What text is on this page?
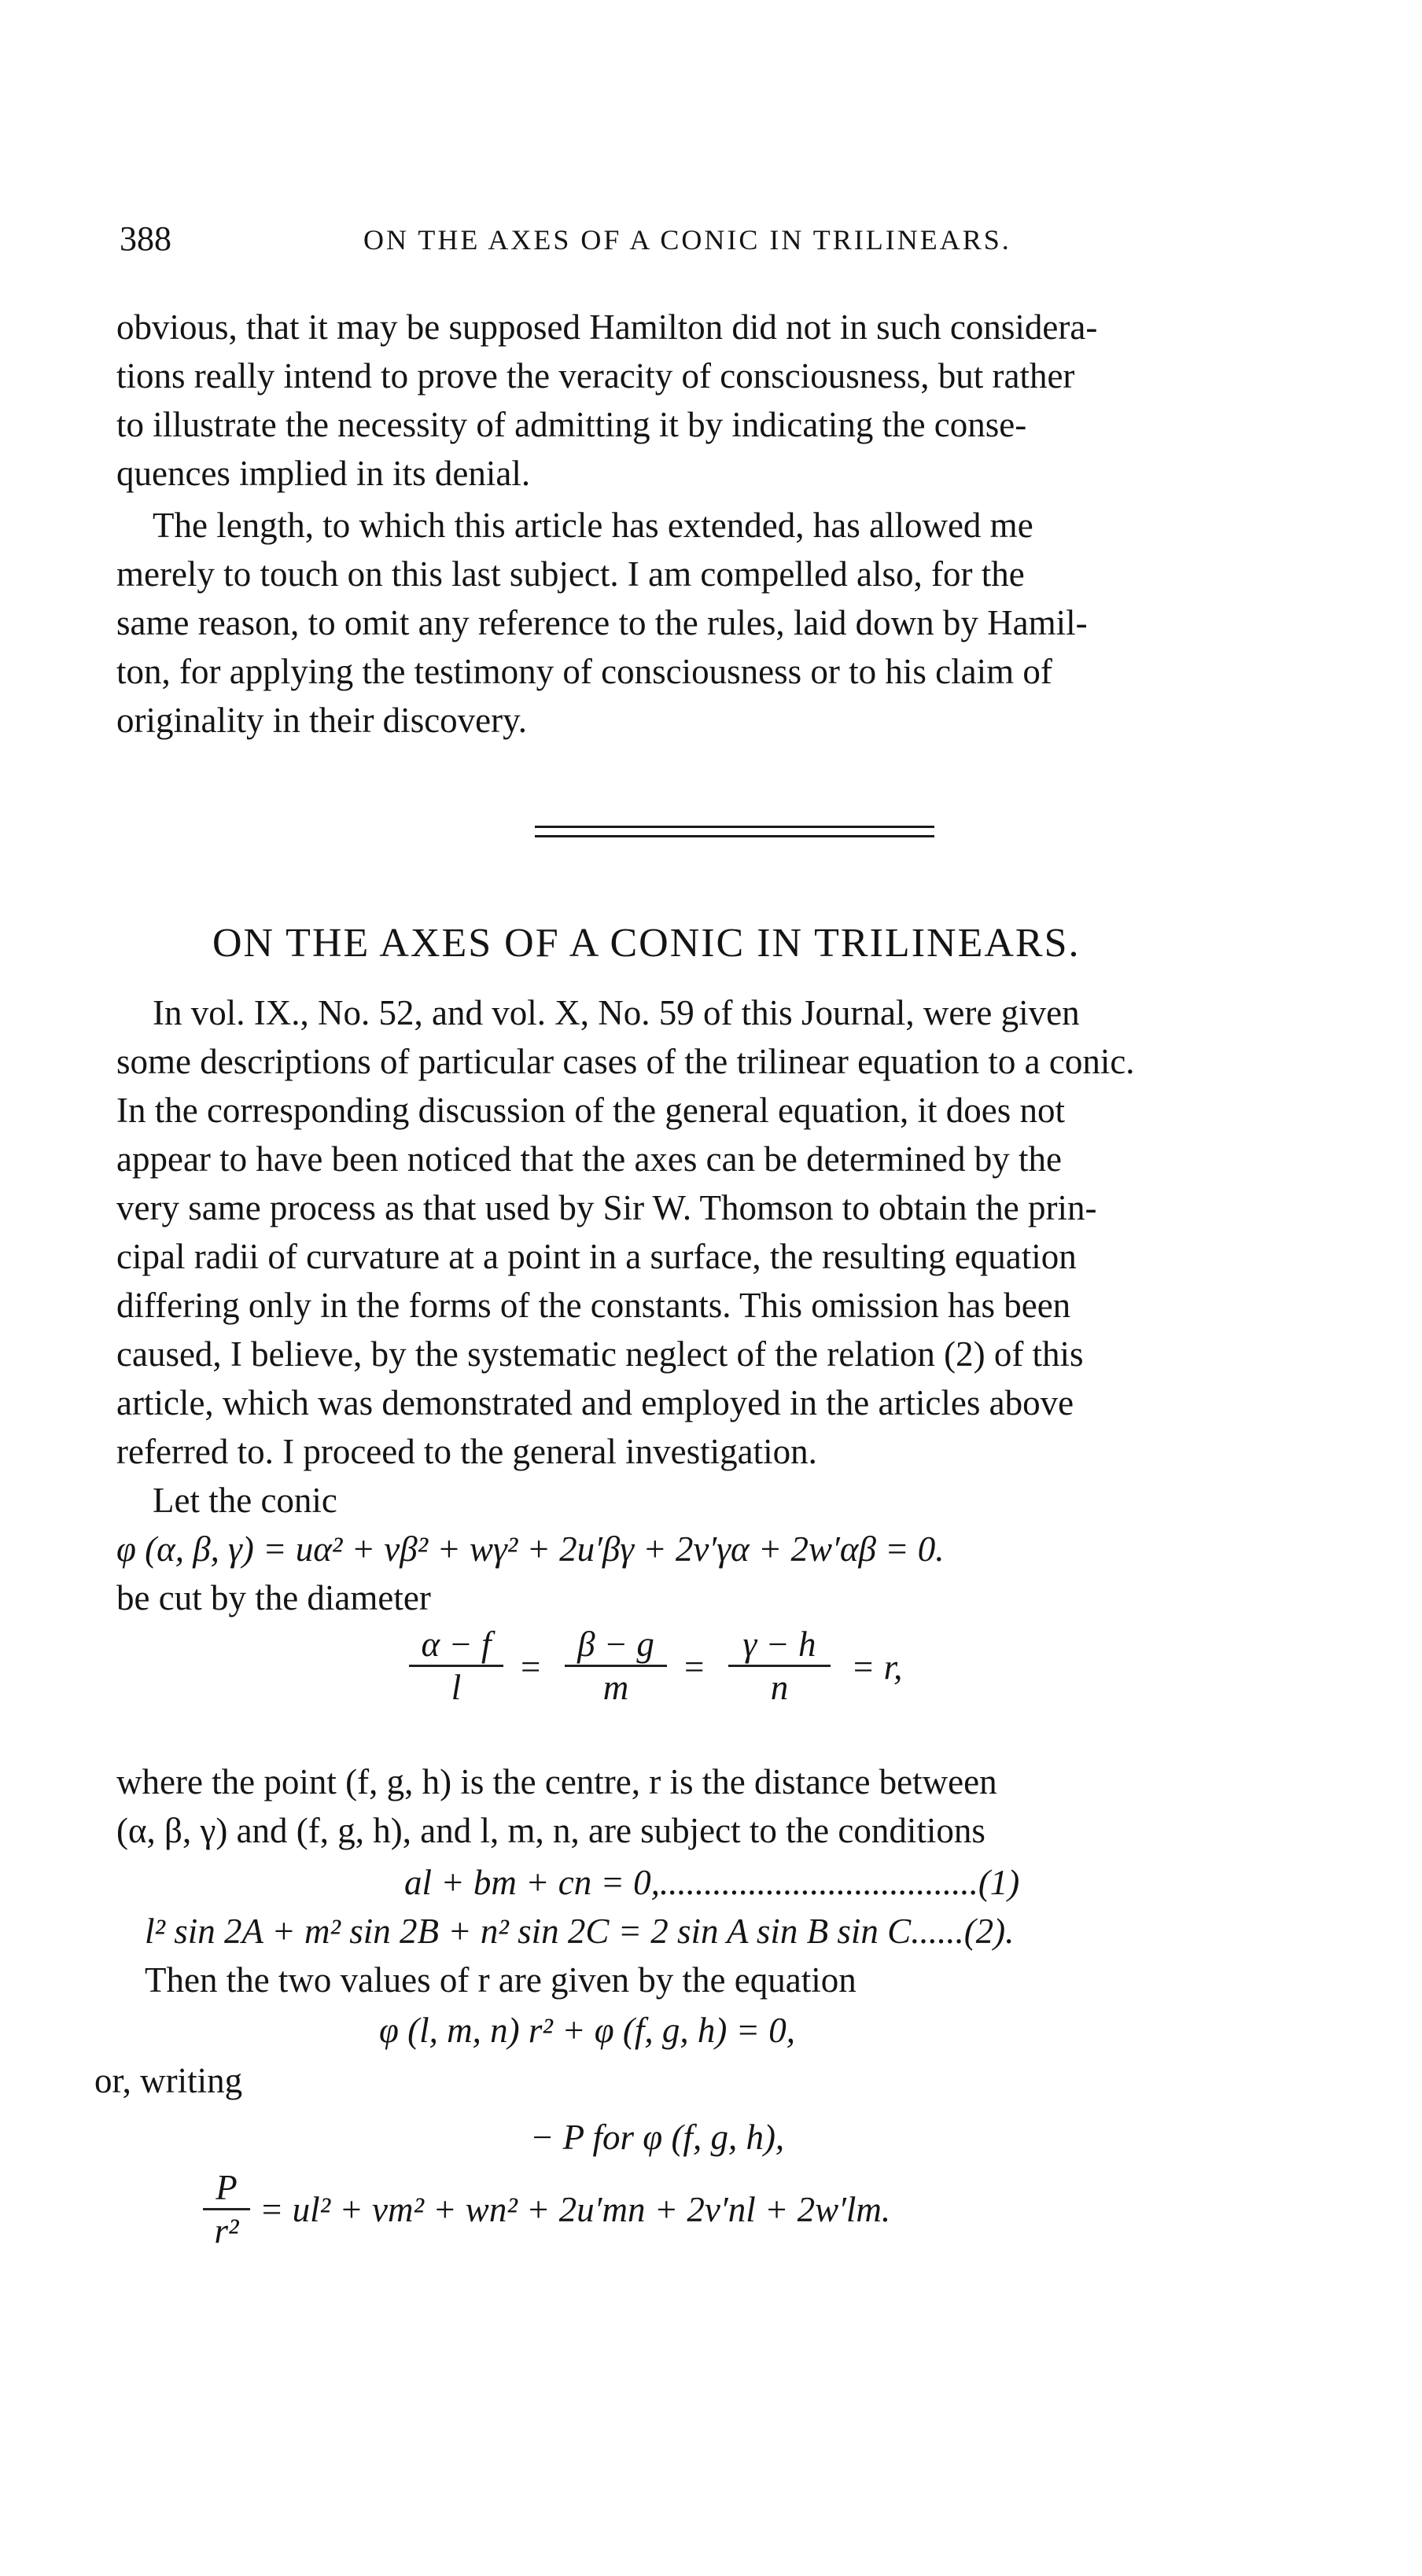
388	ON THE AXES OF A CONIC IN TRILINEARS.
obvious, that it may be supposed Hamilton did not in such considera-
tions really intend to prove the veracity of consciousness, but rather
to illustrate the necessity of admitting it by indicating the conse-
quences implied in its denial.
The length, to which this article has extended, has allowed me
merely to touch on this last subject. I am compelled also, for the
same reason, to omit any reference to the rules, laid down by Hamil-
ton, for applying the testimony of consciousness or to his claim of
originality in their discovery.
ON THE AXES OF A CONIC IN TRILINEARS.
In vol. IX., No. 52, and vol. X, No. 59 of this Journal, were given
some descriptions of particular cases of the trilinear equation to a conic.
In the corresponding discussion of the general equation, it does not
appear to have been noticed that the axes can be determined by the
very same process as that used by Sir W. Thomson to obtain the prin-
cipal radii of curvature at a point in a surface, the resulting equation
differing only in the forms of the constants. This omission has been
caused, I believe, by the systematic neglect of the relation (2) of this
article, which was demonstrated and employed in the articles above
referred to. I proceed to the general investigation.
Let the conic
φ (α, β, γ) = uα² + vβ² + wγ² + 2u′βγ + 2v′γα + 2w′αβ = 0.
be cut by the diameter
$\frac{\alpha - f}{l} = \frac{\beta - g}{m} = \frac{\gamma - h}{n} = r$,
where the point (f, g, h) is the centre, r is the distance between
(α, β, γ) and (f, g, h), and l, m, n, are subject to the conditions
al + bm + cn = 0,....................................(1)
l² sin 2A + m² sin 2B + n² sin 2C = 2 sin A sin B sin C......(2).
Then the two values of r are given by the equation
φ (l, m, n) r² + φ (f, g, h) = 0,
or, writing
− P for φ (f, g, h),
$\frac{P}{\text{r²}} = ul^2 + vm^2 + wn^2 + 2u'mn + 2v'nl + 2w'lm$.
